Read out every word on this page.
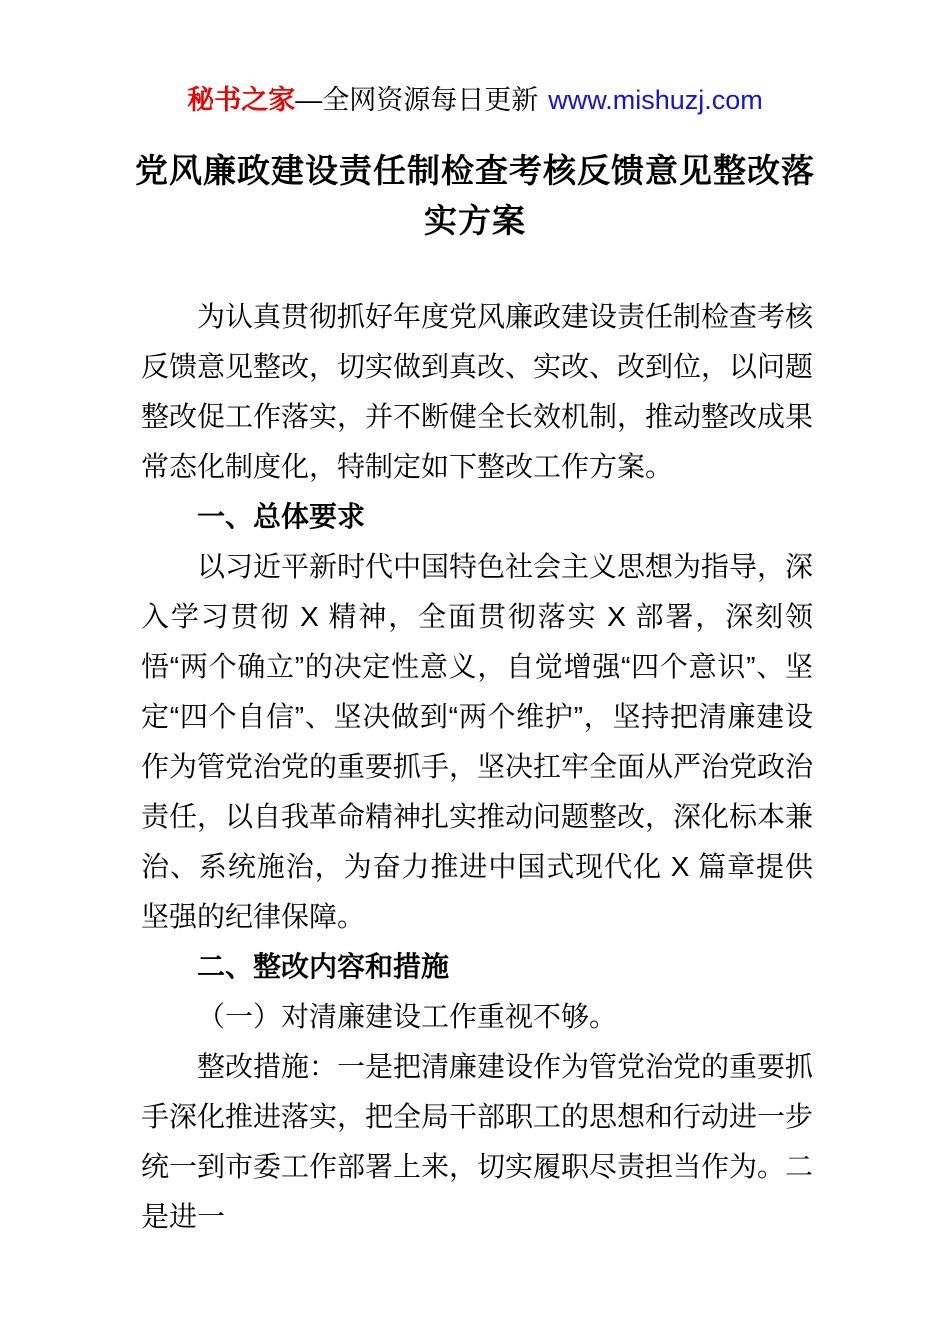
秘书之家—全网资源每日更新 www.mishuzj.com
党风廉政建设责任制检查考核反馈意见整改落实方案

为认真贯彻抓好年度党风廉政建设责任制检查考核反馈意见整改，切实做到真改、实改、改到位，以问题整改促工作落实，并不断健全长效机制，推动整改成果常态化制度化，特制定如下整改工作方案。

一、总体要求

以习近平新时代中国特色社会主义思想为指导，深入学习贯彻 X 精神，全面贯彻落实 X 部署，深刻领悟“两个确立”的决定性意义，自觉增强“四个意识”、坚定“四个自信”、坚决做到“两个维护”，坚持把清廉建设作为管党治党的重要抓手，坚决扛牢全面从严治党政治责任，以自我革命精神扎实推动问题整改，深化标本兼治、系统施治，为奋力推进中国式现代化 X 篇章提供坚强的纪律保障。

二、整改内容和措施

（一）对清廉建设工作重视不够。

整改措施：一是把清廉建设作为管党治党的重要抓手深化推进落实，把全局干部职工的思想和行动进一步统一到市委工作部署上来，切实履职尽责担当作为。二是进一
